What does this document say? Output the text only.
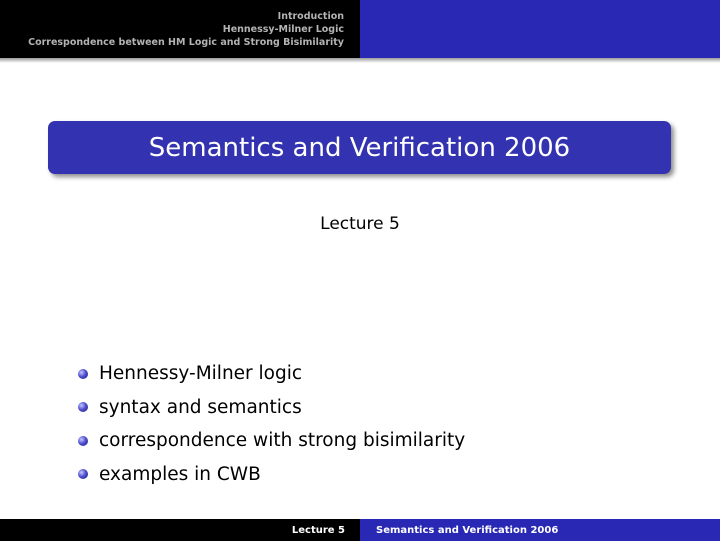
Introduction
Hennessy-Milner Logic
Correspondence between HM Logic and Strong Bisimilarity
Semantics and Verification 2006
Lecture 5
Hennessy-Milner logic
syntax and semantics
correspondence with strong bisimilarity
examples in CWB
Lecture 5	Semantics and Verification 2006
